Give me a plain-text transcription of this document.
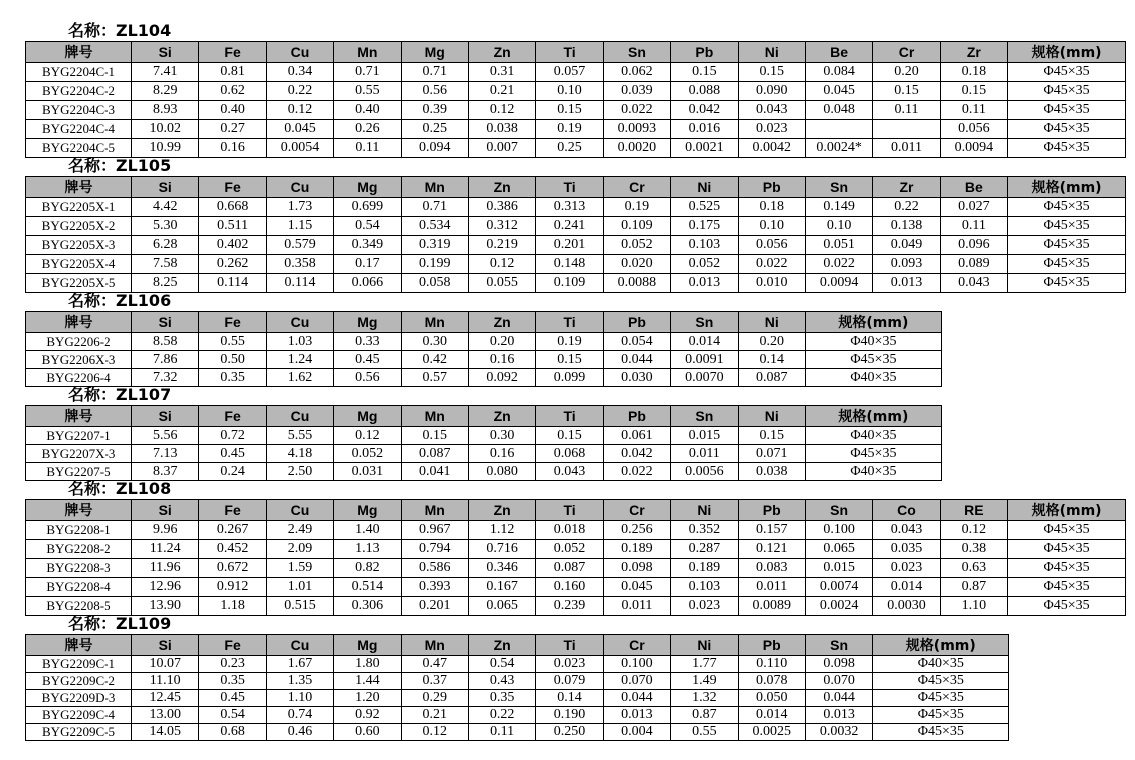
名称：ZL104
牌号	Si	Fe	Cu	Mn	Mg	Zn	Ti	Sn	Pb	Ni	Be	Cr	Zr	规格(mm)
BYG2204C-1	7.41	0.81	0.34	0.71	0.71	0.31	0.057	0.062	0.15	0.15	0.084	0.20	0.18	Φ45×35
BYG2204C-2	8.29	0.62	0.22	0.55	0.56	0.21	0.10	0.039	0.088	0.090	0.045	0.15	0.15	Φ45×35
BYG2204C-3	8.93	0.40	0.12	0.40	0.39	0.12	0.15	0.022	0.042	0.043	0.048	0.11	0.11	Φ45×35
BYG2204C-4	10.02	0.27	0.045	0.26	0.25	0.038	0.19	0.0093	0.016	0.023			0.056	Φ45×35
BYG2204C-5	10.99	0.16	0.0054	0.11	0.094	0.007	0.25	0.0020	0.0021	0.0042	0.0024*	0.011	0.0094	Φ45×35
名称：ZL105
牌号	Si	Fe	Cu	Mg	Mn	Zn	Ti	Cr	Ni	Pb	Sn	Zr	Be	规格(mm)
BYG2205X-1	4.42	0.668	1.73	0.699	0.71	0.386	0.313	0.19	0.525	0.18	0.149	0.22	0.027	Φ45×35
BYG2205X-2	5.30	0.511	1.15	0.54	0.534	0.312	0.241	0.109	0.175	0.10	0.10	0.138	0.11	Φ45×35
BYG2205X-3	6.28	0.402	0.579	0.349	0.319	0.219	0.201	0.052	0.103	0.056	0.051	0.049	0.096	Φ45×35
BYG2205X-4	7.58	0.262	0.358	0.17	0.199	0.12	0.148	0.020	0.052	0.022	0.022	0.093	0.089	Φ45×35
BYG2205X-5	8.25	0.114	0.114	0.066	0.058	0.055	0.109	0.0088	0.013	0.010	0.0094	0.013	0.043	Φ45×35
名称：ZL106
牌号	Si	Fe	Cu	Mg	Mn	Zn	Ti	Pb	Sn	Ni	规格(mm)
BYG2206-2	8.58	0.55	1.03	0.33	0.30	0.20	0.19	0.054	0.014	0.20	Φ40×35
BYG2206X-3	7.86	0.50	1.24	0.45	0.42	0.16	0.15	0.044	0.0091	0.14	Φ45×35
BYG2206-4	7.32	0.35	1.62	0.56	0.57	0.092	0.099	0.030	0.0070	0.087	Φ40×35
名称：ZL107
牌号	Si	Fe	Cu	Mg	Mn	Zn	Ti	Pb	Sn	Ni	规格(mm)
BYG2207-1	5.56	0.72	5.55	0.12	0.15	0.30	0.15	0.061	0.015	0.15	Φ40×35
BYG2207X-3	7.13	0.45	4.18	0.052	0.087	0.16	0.068	0.042	0.011	0.071	Φ45×35
BYG2207-5	8.37	0.24	2.50	0.031	0.041	0.080	0.043	0.022	0.0056	0.038	Φ40×35
名称：ZL108
牌号	Si	Fe	Cu	Mg	Mn	Zn	Ti	Cr	Ni	Pb	Sn	Co	RE	规格(mm)
BYG2208-1	9.96	0.267	2.49	1.40	0.967	1.12	0.018	0.256	0.352	0.157	0.100	0.043	0.12	Φ45×35
BYG2208-2	11.24	0.452	2.09	1.13	0.794	0.716	0.052	0.189	0.287	0.121	0.065	0.035	0.38	Φ45×35
BYG2208-3	11.96	0.672	1.59	0.82	0.586	0.346	0.087	0.098	0.189	0.083	0.015	0.023	0.63	Φ45×35
BYG2208-4	12.96	0.912	1.01	0.514	0.393	0.167	0.160	0.045	0.103	0.011	0.0074	0.014	0.87	Φ45×35
BYG2208-5	13.90	1.18	0.515	0.306	0.201	0.065	0.239	0.011	0.023	0.0089	0.0024	0.0030	1.10	Φ45×35
名称：ZL109
牌号	Si	Fe	Cu	Mg	Mn	Zn	Ti	Cr	Ni	Pb	Sn	规格(mm)
BYG2209C-1	10.07	0.23	1.67	1.80	0.47	0.54	0.023	0.100	1.77	0.110	0.098	Φ40×35
BYG2209C-2	11.10	0.35	1.35	1.44	0.37	0.43	0.079	0.070	1.49	0.078	0.070	Φ45×35
BYG2209D-3	12.45	0.45	1.10	1.20	0.29	0.35	0.14	0.044	1.32	0.050	0.044	Φ45×35
BYG2209C-4	13.00	0.54	0.74	0.92	0.21	0.22	0.190	0.013	0.87	0.014	0.013	Φ45×35
BYG2209C-5	14.05	0.68	0.46	0.60	0.12	0.11	0.250	0.004	0.55	0.0025	0.0032	Φ45×35
